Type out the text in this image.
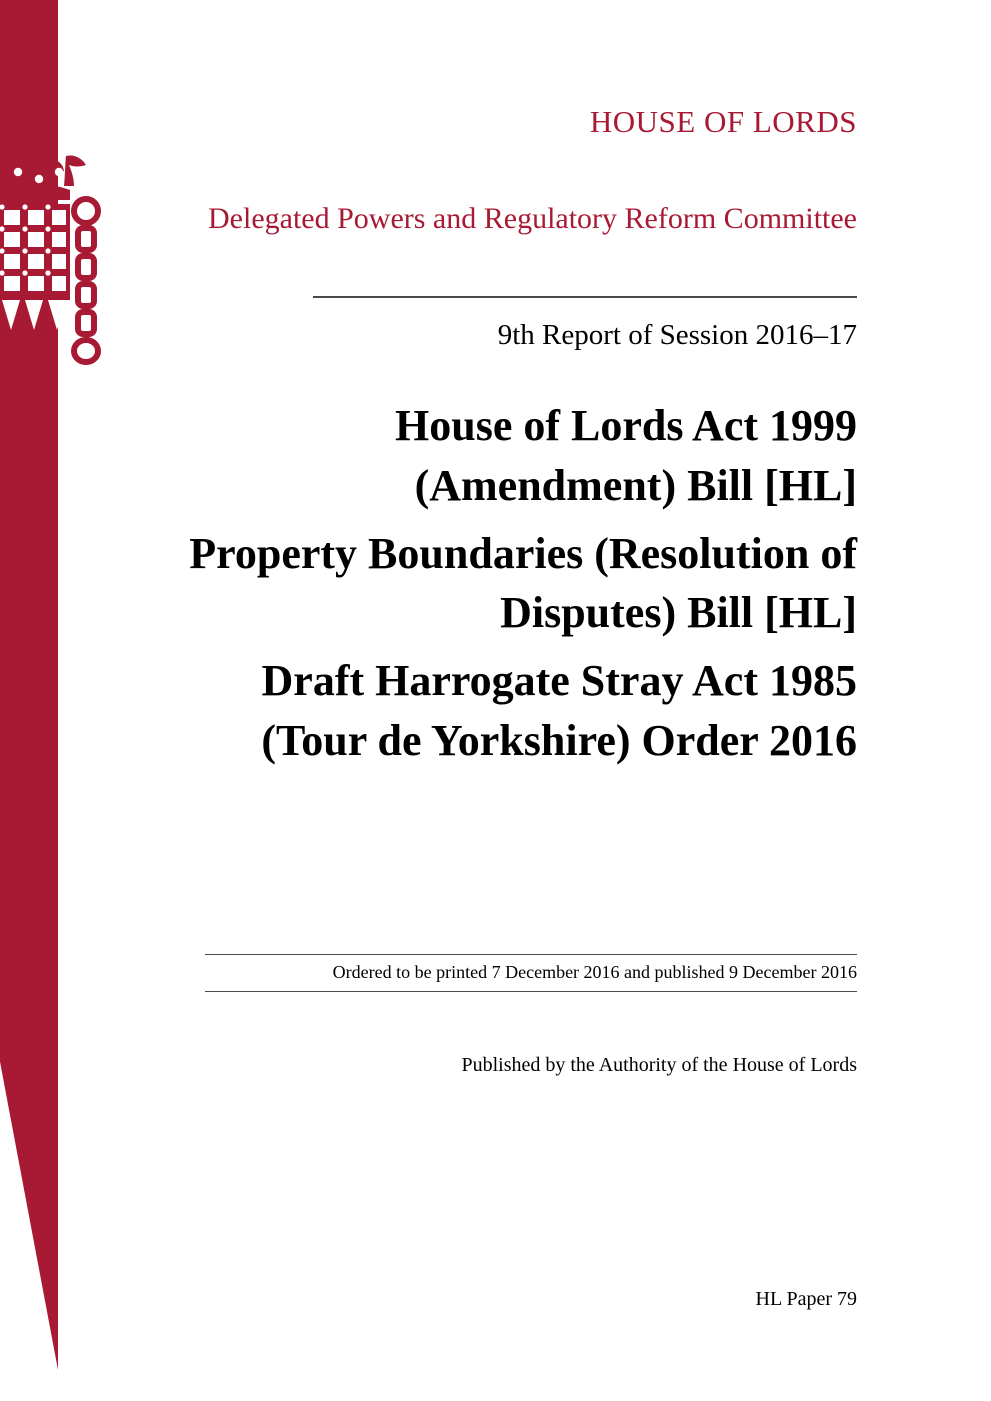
HOUSE OF LORDS
Delegated Powers and Regulatory Reform Committee
9th Report of Session 2016–17
House of Lords Act 1999 (Amendment) Bill [HL]
Property Boundaries (Resolution of Disputes) Bill [HL]
Draft Harrogate Stray Act 1985 (Tour de Yorkshire) Order 2016
Ordered to be printed 7 December 2016 and published 9 December 2016
Published by the Authority of the House of Lords
HL Paper 79
